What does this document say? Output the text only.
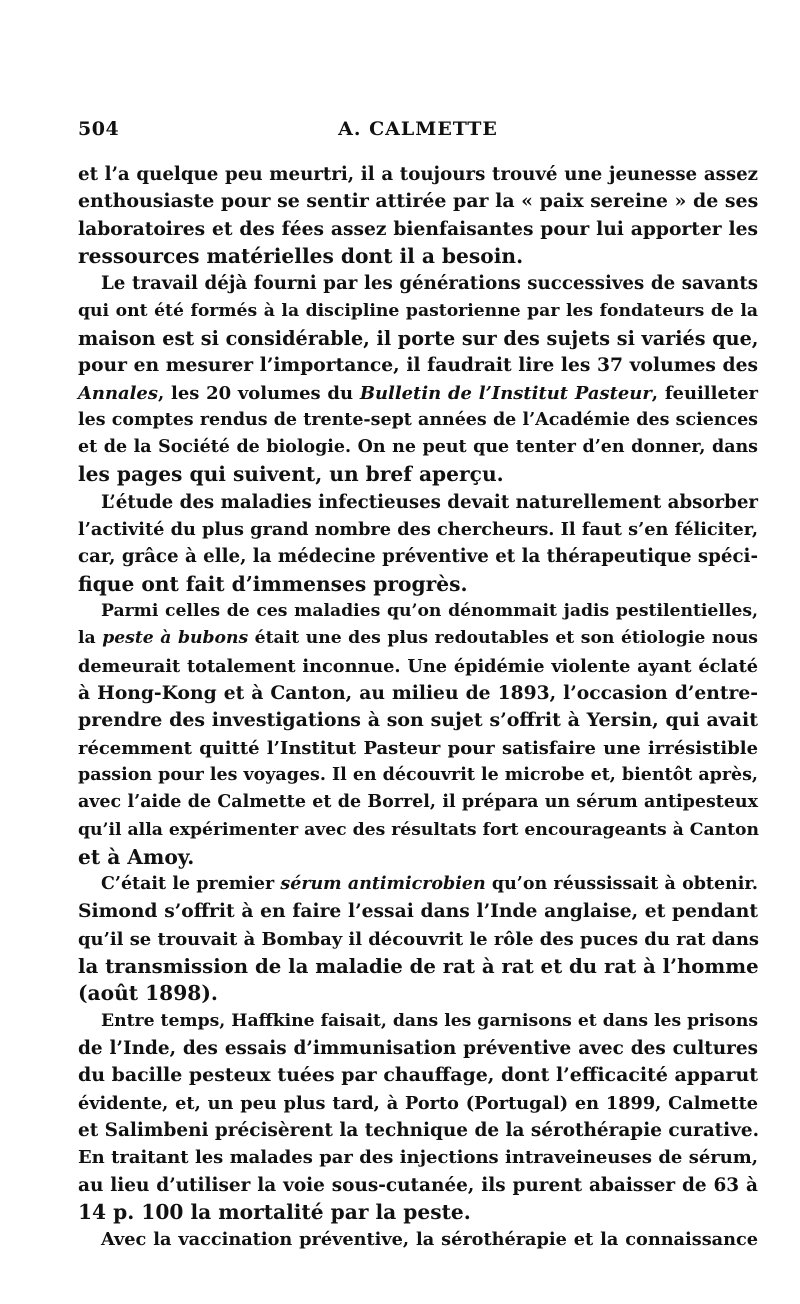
504	A. CALMETTE
et l’a quelque peu meurtri, il a toujours trouvé une jeunesse assez
enthousiaste pour se sentir attirée par la « paix sereine » de ses
laboratoires et des fées assez bienfaisantes pour lui apporter les
ressources matérielles dont il a besoin.
Le travail déjà fourni par les générations successives de savants
qui ont été formés à la discipline pastorienne par les fondateurs de la
maison est si considérable, il porte sur des sujets si variés que,
pour en mesurer l’importance, il faudrait lire les 37 volumes des
Annales, les 20 volumes du Bulletin de l’Institut Pasteur, feuilleter
les comptes rendus de trente-sept années de l’Académie des sciences
et de la Société de biologie. On ne peut que tenter d’en donner, dans
les pages qui suivent, un bref aperçu.
L’étude des maladies infectieuses devait naturellement absorber
l’activité du plus grand nombre des chercheurs. Il faut s’en féliciter,
car, grâce à elle, la médecine préventive et la thérapeutique spéci-
fique ont fait d’immenses progrès.
Parmi celles de ces maladies qu’on dénommait jadis pestilentielles,
la peste à bubons était une des plus redoutables et son étiologie nous
demeurait totalement inconnue. Une épidémie violente ayant éclaté
à Hong-Kong et à Canton, au milieu de 1893, l’occasion d’entre-
prendre des investigations à son sujet s’offrit à Yersin, qui avait
récemment quitté l’Institut Pasteur pour satisfaire une irrésistible
passion pour les voyages. Il en découvrit le microbe et, bientôt après,
avec l’aide de Calmette et de Borrel, il prépara un sérum antipesteux
qu’il alla expérimenter avec des résultats fort encourageants à Canton
et à Amoy.
C’était le premier sérum antimicrobien qu’on réussissait à obtenir.
Simond s’offrit à en faire l’essai dans l’Inde anglaise, et pendant
qu’il se trouvait à Bombay il découvrit le rôle des puces du rat dans
la transmission de la maladie de rat à rat et du rat à l’homme
(août 1898).
Entre temps, Haffkine faisait, dans les garnisons et dans les prisons
de l’Inde, des essais d’immunisation préventive avec des cultures
du bacille pesteux tuées par chauffage, dont l’efficacité apparut
évidente, et, un peu plus tard, à Porto (Portugal) en 1899, Calmette
et Salimbeni précisèrent la technique de la sérothérapie curative.
En traitant les malades par des injections intraveineuses de sérum,
au lieu d’utiliser la voie sous-cutanée, ils purent abaisser de 63 à
14 p. 100 la mortalité par la peste.
Avec la vaccination préventive, la sérothérapie et la connaissance
